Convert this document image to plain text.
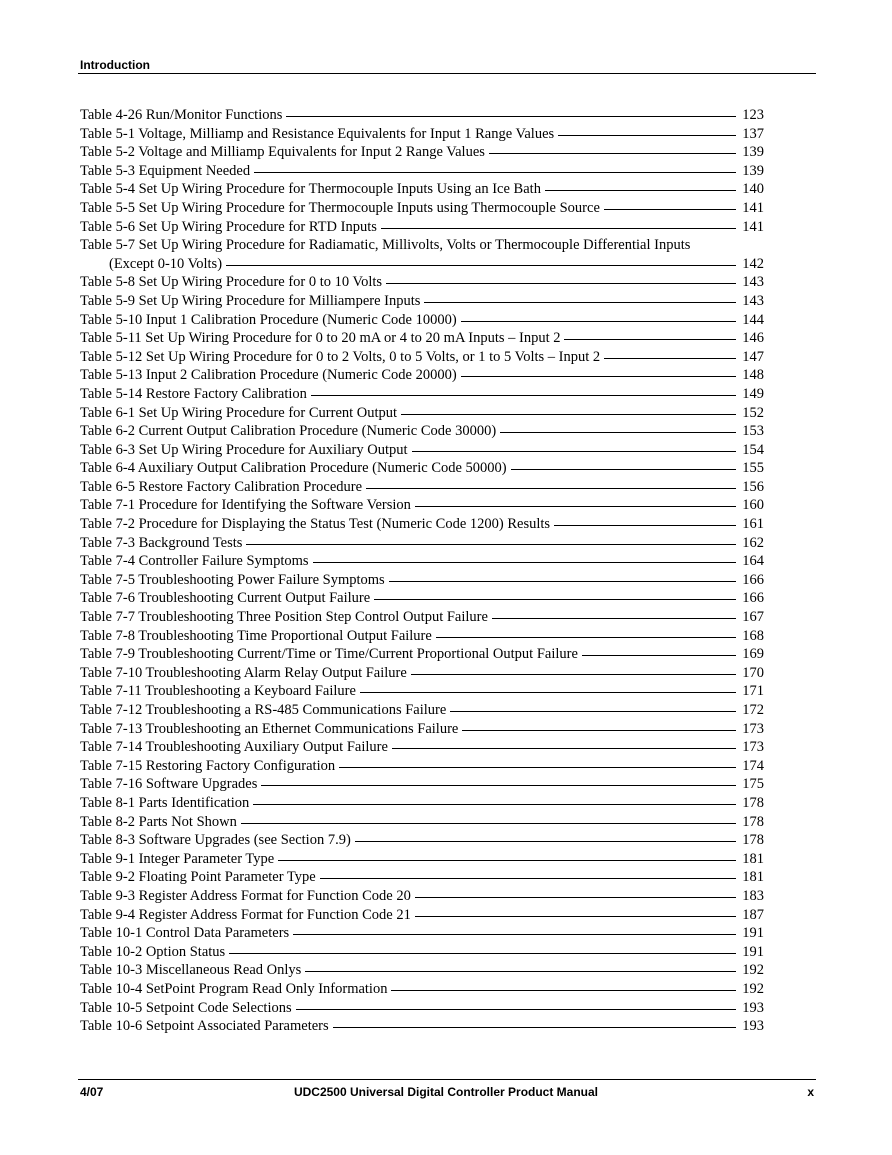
Introduction
Table 4-26 Run/Monitor Functions	123
Table 5-1 Voltage, Milliamp and Resistance Equivalents for Input 1 Range Values	137
Table 5-2 Voltage and Milliamp Equivalents for Input 2 Range Values	139
Table 5-3 Equipment Needed	139
Table 5-4 Set Up Wiring Procedure for Thermocouple Inputs Using an Ice Bath	140
Table 5-5 Set Up Wiring Procedure for Thermocouple Inputs using Thermocouple Source	141
Table 5-6 Set Up Wiring Procedure for RTD Inputs	141
Table 5-7 Set Up Wiring Procedure for Radiamatic, Millivolts, Volts or Thermocouple Differential Inputs
(Except 0-10 Volts)	142
Table 5-8 Set Up Wiring Procedure for 0 to 10 Volts	143
Table 5-9 Set Up Wiring Procedure for Milliampere Inputs	143
Table 5-10 Input 1 Calibration Procedure (Numeric Code 10000)	144
Table 5-11 Set Up Wiring Procedure for 0 to 20 mA or 4 to 20 mA Inputs – Input 2	146
Table 5-12 Set Up Wiring Procedure for 0 to 2 Volts, 0 to 5 Volts, or 1 to 5 Volts – Input 2	147
Table 5-13 Input 2 Calibration Procedure (Numeric Code 20000)	148
Table 5-14 Restore Factory Calibration	149
Table 6-1 Set Up Wiring Procedure for Current Output	152
Table 6-2 Current Output Calibration Procedure (Numeric Code 30000)	153
Table 6-3 Set Up Wiring Procedure for Auxiliary Output	154
Table 6-4 Auxiliary Output Calibration Procedure (Numeric Code 50000)	155
Table 6-5 Restore Factory Calibration Procedure	156
Table 7-1 Procedure for Identifying the Software Version	160
Table 7-2 Procedure for Displaying the Status Test (Numeric Code 1200) Results	161
Table 7-3 Background Tests	162
Table 7-4 Controller Failure Symptoms	164
Table 7-5 Troubleshooting Power Failure Symptoms	166
Table 7-6 Troubleshooting Current Output Failure	166
Table 7-7 Troubleshooting Three Position Step Control Output Failure	167
Table 7-8 Troubleshooting Time Proportional Output Failure	168
Table 7-9 Troubleshooting Current/Time or Time/Current Proportional Output Failure	169
Table 7-10 Troubleshooting Alarm Relay Output Failure	170
Table 7-11 Troubleshooting a Keyboard Failure	171
Table 7-12 Troubleshooting a RS-485 Communications Failure	172
Table 7-13 Troubleshooting an Ethernet Communications Failure	173
Table 7-14 Troubleshooting Auxiliary Output Failure	173
Table 7-15 Restoring Factory Configuration	174
Table 7-16 Software Upgrades	175
Table 8-1 Parts Identification	178
Table 8-2 Parts Not Shown	178
Table 8-3 Software Upgrades (see Section 7.9)	178
Table 9-1 Integer Parameter Type	181
Table 9-2 Floating Point Parameter Type	181
Table 9-3 Register Address Format for Function Code 20	183
Table 9-4 Register Address Format for Function Code 21	187
Table 10-1 Control Data Parameters	191
Table 10-2 Option Status	191
Table 10-3 Miscellaneous Read Onlys	192
Table 10-4 SetPoint Program Read Only Information	192
Table 10-5 Setpoint Code Selections	193
Table 10-6 Setpoint Associated Parameters	193
4/07	UDC2500 Universal Digital Controller Product Manual	x
